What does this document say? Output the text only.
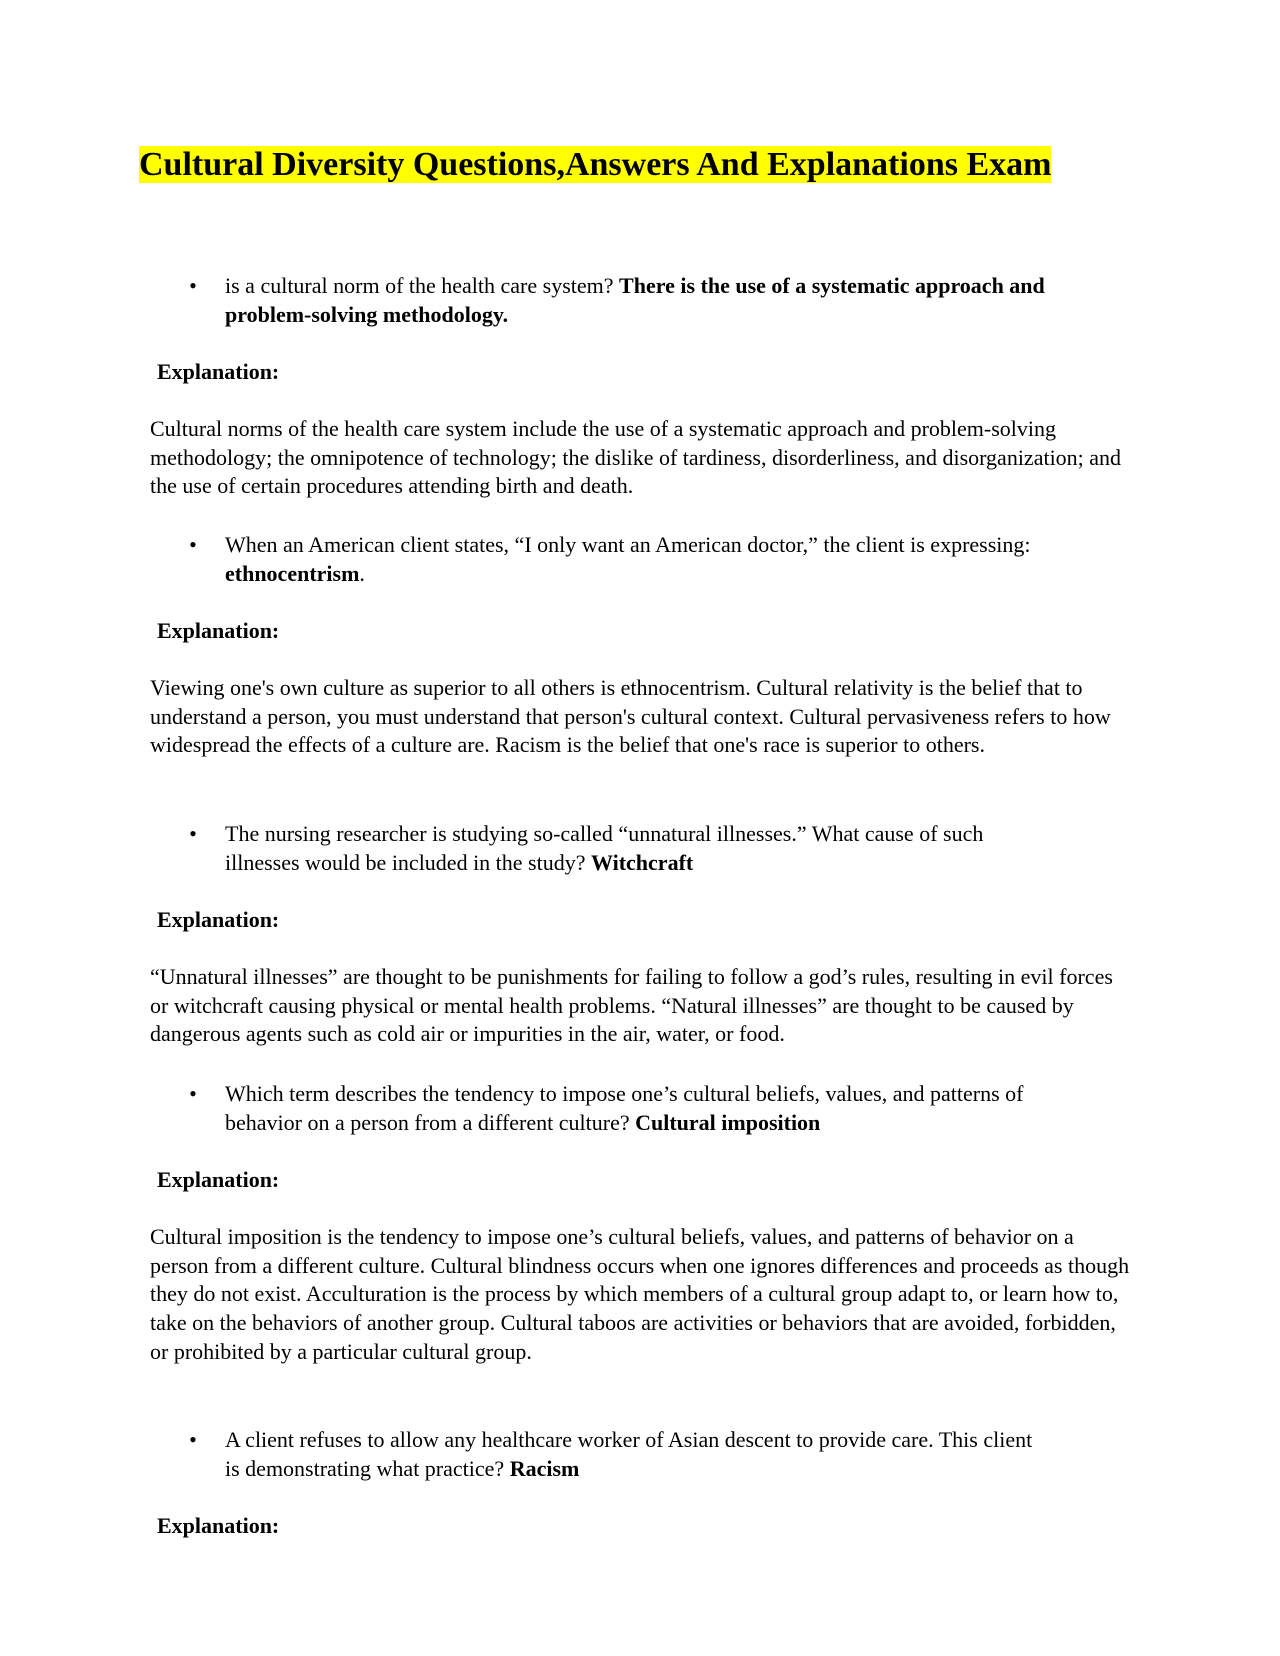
Cultural Diversity Questions,Answers And Explanations Exam
• is a cultural norm of the health care system? There is the use of a systematic approach and problem-solving methodology.
Explanation:
Cultural norms of the health care system include the use of a systematic approach and problem-solving methodology; the omnipotence of technology; the dislike of tardiness, disorderliness, and disorganization; and the use of certain procedures attending birth and death.
• When an American client states, “I only want an American doctor,” the client is expressing: ethnocentrism.
Explanation:
Viewing one's own culture as superior to all others is ethnocentrism. Cultural relativity is the belief that to understand a person, you must understand that person's cultural context. Cultural pervasiveness refers to how widespread the effects of a culture are. Racism is the belief that one's race is superior to others.
• The nursing researcher is studying so-called “unnatural illnesses.” What cause of such illnesses would be included in the study? Witchcraft
Explanation:
“Unnatural illnesses” are thought to be punishments for failing to follow a god’s rules, resulting in evil forces or witchcraft causing physical or mental health problems. “Natural illnesses” are thought to be caused by dangerous agents such as cold air or impurities in the air, water, or food.
• Which term describes the tendency to impose one’s cultural beliefs, values, and patterns of behavior on a person from a different culture? Cultural imposition
Explanation:
Cultural imposition is the tendency to impose one’s cultural beliefs, values, and patterns of behavior on a person from a different culture. Cultural blindness occurs when one ignores differences and proceeds as though they do not exist. Acculturation is the process by which members of a cultural group adapt to, or learn how to, take on the behaviors of another group. Cultural taboos are activities or behaviors that are avoided, forbidden, or prohibited by a particular cultural group.
• A client refuses to allow any healthcare worker of Asian descent to provide care. This client is demonstrating what practice? Racism
Explanation:
